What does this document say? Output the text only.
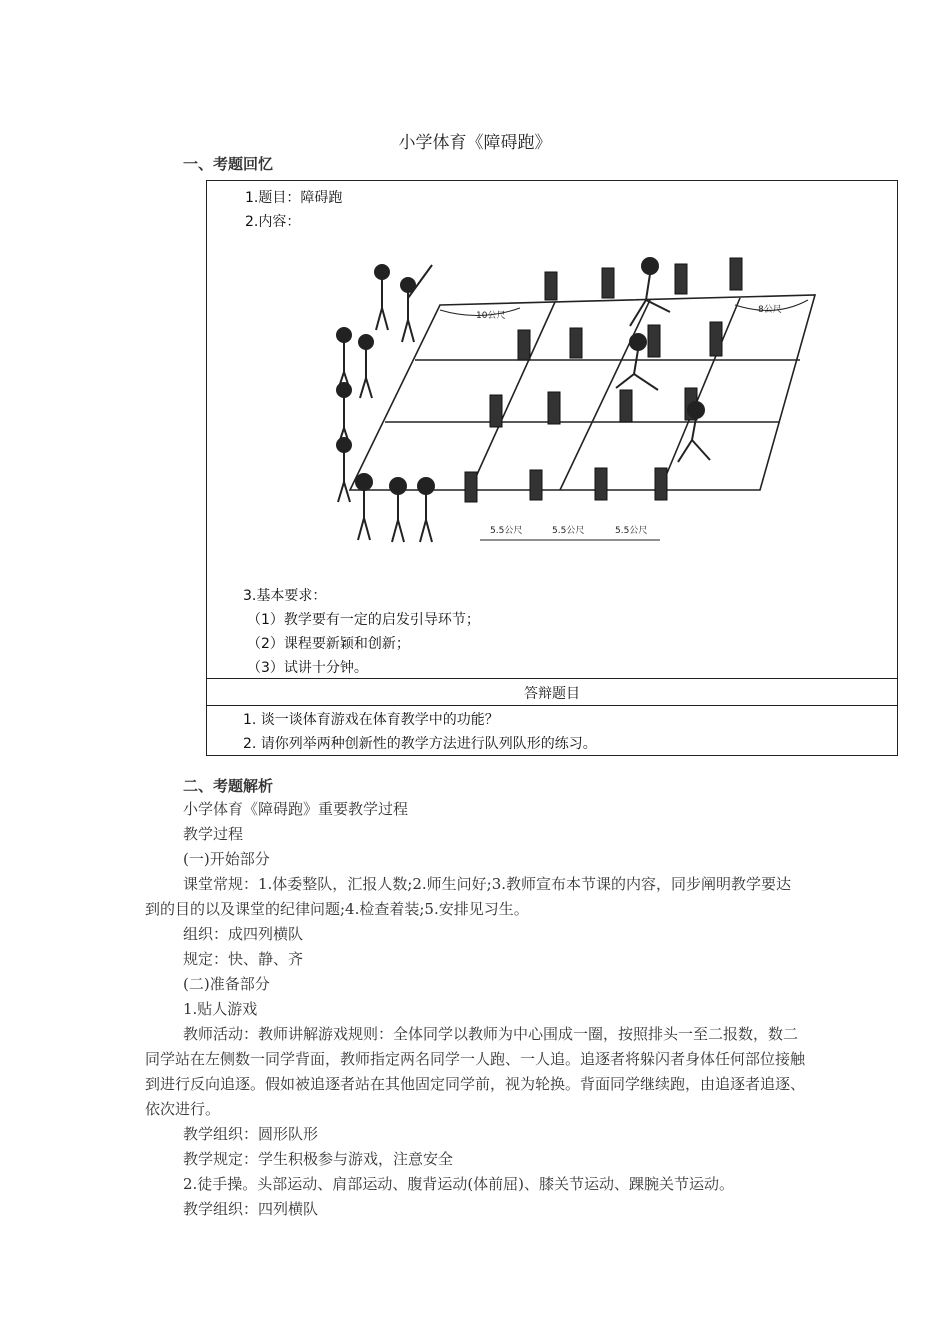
小学体育《障碍跑》
一、考题回忆
1.题目：障碍跑
2.内容：
3.基本要求：
（1）教学要有一定的启发引导环节；
（2）课程要新颖和创新；
（3）试讲十分钟。
答辩题目
1. 谈一谈体育游戏在体育教学中的功能？
2. 请你列举两种创新性的教学方法进行队列队形的练习。
10公尺
8公尺
5.5公尺	5.5公尺	5.5公尺
二、考题解析
小学体育《障碍跑》重要教学过程
教学过程
(一)开始部分
课堂常规：1.体委整队，汇报人数;2.师生问好;3.教师宣布本节课的内容，同步阐明教学要达到的目的以及课堂的纪律问题;4.检查着装;5.安排见习生。
组织：成四列横队
规定：快、静、齐
(二)准备部分
1.贴人游戏
教师活动：教师讲解游戏规则：全体同学以教师为中心围成一圈，按照排头一至二报数，数二同学站在左侧数一同学背面，教师指定两名同学一人跑、一人追。追逐者将躲闪者身体任何部位接触到进行反向追逐。假如被追逐者站在其他固定同学前，视为轮换。背面同学继续跑，由追逐者追逐、依次进行。
教学组织：圆形队形
教学规定：学生积极参与游戏，注意安全
2.徒手操。头部运动、肩部运动、腹背运动(体前屈)、膝关节运动、踝腕关节运动。
教学组织：四列横队
